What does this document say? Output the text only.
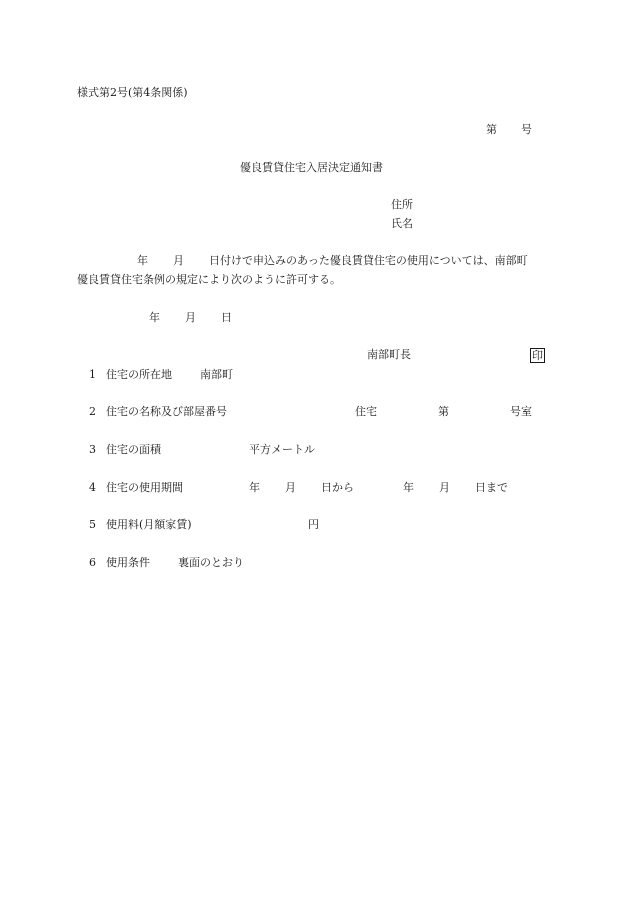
様式第2号(第4条関係)
第 号
優良賃貸住宅入居決定通知書
住所
氏名
年 月 日付けで申込みのあった優良賃貸住宅の使用については、南部町
優良賃貸住宅条例の規定により次のように許可する。
年 月 日
南部町長	印
1 住宅の所在地	南部町
2 住宅の名称及び部屋番号	住宅	第	号室
3 住宅の面積	平方メートル
4 住宅の使用期間	年 月 日から	年 月 日まで
5 使用料(月額家賃)	円
6 使用条件	裏面のとおり
